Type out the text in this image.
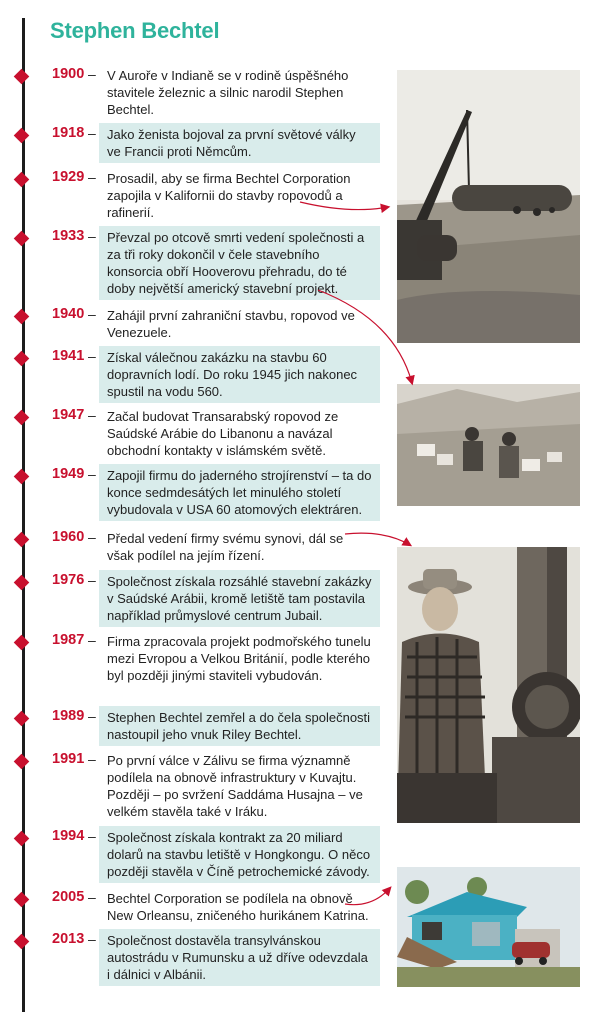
Stephen Bechtel
1900 – V Auroře v Indianě se v rodině úspěšného stavitele železnic a silnic narodil Stephen Bechtel.
1918 – Jako ženista bojoval za první světové války ve Francii proti Němcům.
1929 – Prosadil, aby se firma Bechtel Corporation zapojila v Kalifornii do stavby ropovodů a rafinerií.
1933 – Převzal po otcově smrti vedení společnosti a za tři roky dokončil v čele stavebního konsorcia obří Hooverovu přehradu, do té doby největší americký stavební projekt.
1940 – Zahájil první zahraniční stavbu, ropovod ve Venezuele.
1941 – Získal válečnou zakázku na stavbu 60 dopravních lodí. Do roku 1945 jich nakonec spustil na vodu 560.
1947 – Začal budovat Transarabský ropovod ze Saúdské Arábie do Libanonu a navázal obchodní kontakty v islámském světě.
1949 – Zapojil firmu do jaderného strojírenství – ta do konce sedmdesátých let minulého století vybudovala v USA 60 atomových elektráren.
1960 – Předal vedení firmy svému synovi, dál se však podílel na jejím řízení.
1976 – Společnost získala rozsáhlé stavební zakázky v Saúdské Arábii, kromě letiště tam postavila například průmyslové centrum Jubail.
1987 – Firma zpracovala projekt podmořského tunelu mezi Evropou a Velkou Británií, podle kterého byl později jinými staviteli vybudován.
1989 – Stephen Bechtel zemřel a do čela společnosti nastoupil jeho vnuk Riley Bechtel.
1991 – Po první válce v Zálivu se firma významně podílela na obnově infrastruktury v Kuvajtu. Později – po svržení Saddáma Husajna – ve velkém stavěla také v Iráku.
1994 – Společnost získala kontrakt za 20 miliard dolarů na stavbu letiště v Hongkongu. O něco později stavěla v Číně petrochemické závody.
2005 – Bechtel Corporation se podílela na obnově New Orleansu, zničeného hurikánem Katrina.
2013 – Společnost dostavěla transylvánskou autostrádu v Rumunsku a už dříve odevzdala i dálnici v Albánii.
